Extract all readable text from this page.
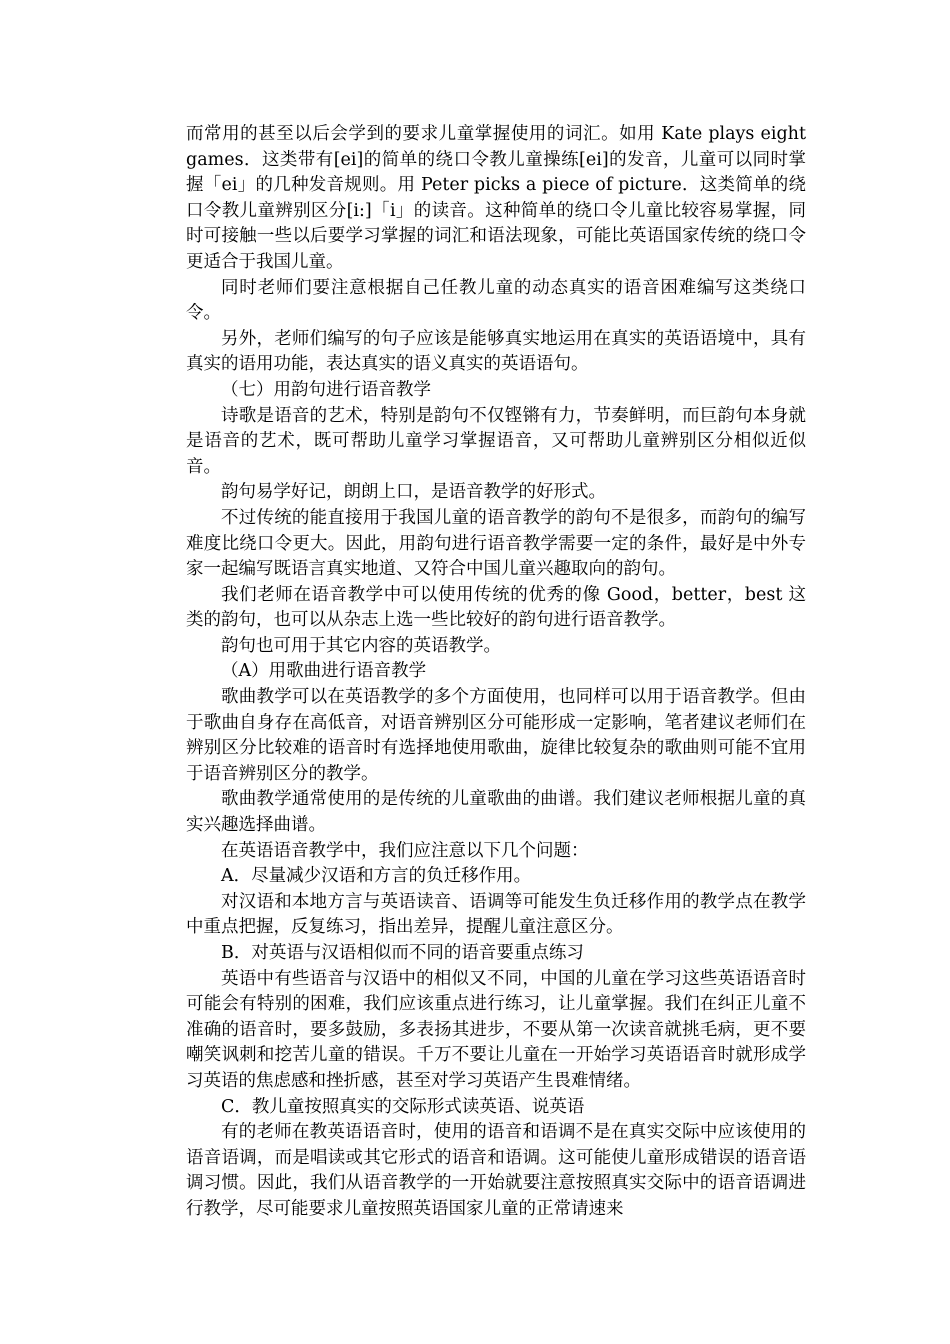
而常用的甚至以后会学到的要求儿童掌握使用的词汇。如用 Kate plays eight games．这类带有[ei]的简单的绕口令教儿童操练[ei]的发音，儿童可以同时掌握「ei」的几种发音规则。用 Peter picks a piece of picture．这类简单的绕口令教儿童辨别区分[i:]「i」的读音。这种简单的绕口令儿童比较容易掌握，同时可接触一些以后要学习掌握的词汇和语法现象，可能比英语国家传统的绕口令更适合于我国儿童。

同时老师们要注意根据自己任教儿童的动态真实的语音困难编写这类绕口令。

另外，老师们编写的句子应该是能够真实地运用在真实的英语语境中，具有真实的语用功能，表达真实的语义真实的英语语句。

（七）用韵句进行语音教学

诗歌是语音的艺术，特别是韵句不仅铿锵有力，节奏鲜明，而巨韵句本身就是语音的艺术，既可帮助儿童学习掌握语音，又可帮助儿童辨别区分相似近似音。

韵句易学好记，朗朗上口，是语音教学的好形式。

不过传统的能直接用于我国儿童的语音教学的韵句不是很多，而韵句的编写难度比绕口令更大。因此，用韵句进行语音教学需要一定的条件，最好是中外专家一起编写既语言真实地道、又符合中国儿童兴趣取向的韵句。

我们老师在语音教学中可以使用传统的优秀的像 Good，better，best 这类的韵句，也可以从杂志上选一些比较好的韵句进行语音教学。

韵句也可用于其它内容的英语教学。

（A）用歌曲进行语音教学

歌曲教学可以在英语教学的多个方面使用，也同样可以用于语音教学。但由于歌曲自身存在高低音，对语音辨别区分可能形成一定影响，笔者建议老师们在辨别区分比较难的语音时有选择地使用歌曲，旋律比较复杂的歌曲则可能不宜用于语音辨别区分的教学。

歌曲教学通常使用的是传统的儿童歌曲的曲谱。我们建议老师根据儿童的真实兴趣选择曲谱。

在英语语音教学中，我们应注意以下几个问题：

A．尽量减少汉语和方言的负迁移作用。

对汉语和本地方言与英语读音、语调等可能发生负迁移作用的教学点在教学中重点把握，反复练习，指出差异，提醒儿童注意区分。

B．对英语与汉语相似而不同的语音要重点练习

英语中有些语音与汉语中的相似又不同，中国的儿童在学习这些英语语音时可能会有特别的困难，我们应该重点进行练习，让儿童掌握。我们在纠正儿童不准确的语音时，要多鼓励，多表扬其进步，不要从第一次读音就挑毛病，更不要嘲笑讽刺和挖苦儿童的错误。千万不要让儿童在一开始学习英语语音时就形成学习英语的焦虑感和挫折感，甚至对学习英语产生畏难情绪。

C．教儿童按照真实的交际形式读英语、说英语

有的老师在教英语语音时，使用的语音和语调不是在真实交际中应该使用的语音语调，而是唱读或其它形式的语音和语调。这可能使儿童形成错误的语音语调习惯。因此，我们从语音教学的一开始就要注意按照真实交际中的语音语调进行教学，尽可能要求儿童按照英语国家儿童的正常请速来
